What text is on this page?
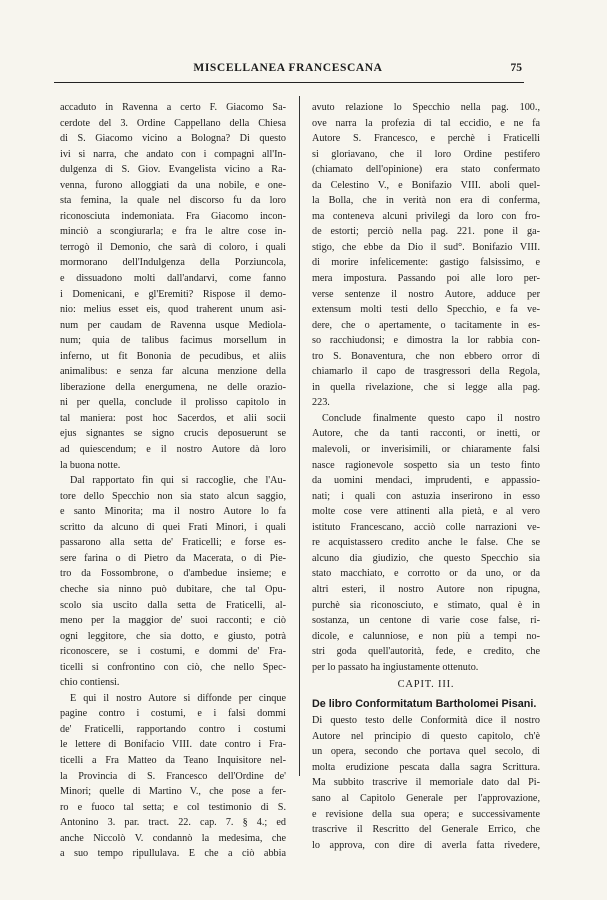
MISCELLANEA FRANCESCANA	75
accaduto in Ravenna a certo F. Giacomo Sa-
cerdote del 3. Ordine Cappellano della Chiesa
di S. Giacomo vicino a Bologna? Di questo
ivi si narra, che andato con i compagni all'In-
dulgenza di S. Giov. Evangelista vicino a Ra-
venna, furono alloggiati da una nobile, e one-
sta femina, la quale nel discorso fu da loro
riconosciuta indemoniata. Fra Giacomo incon-
minciò a scongiurarla; e fra le altre cose in-
terrogò il Demonio, che sarà di coloro, i quali
mormorano dell'Indulgenza della Porziuncola,
e dissuadono molti dall'andarvi, come fanno
i Domenicani, e gl'Eremiti? Rispose il demo-
nio: melius esset eis, quod traherent unum asi-
num per caudam de Ravenna usque Mediola-
num; quia de talibus facimus morsellum in
inferno, ut fit Bononia de pecudibus, et aliis
animalibus: e senza far alcuna menzione della
liberazione della energumena, ne delle orazio-
ni per quella, conclude il prolisso capitolo in
tal maniera: post hoc Sacerdos, et alii socii
ejus signantes se signo crucis deposuerunt se
ad quiescendum; e il nostro Autore dà loro
la buona notte.
Dal rapportato fin qui si raccoglie, che l'Au-
tore dello Specchio non sia stato alcun saggio,
e santo Minorita; ma il nostro Autore lo fa
scritto da alcuno di quei Frati Minori, i quali
passarono alla setta de' Fraticelli; e forse es-
sere farina o di Pietro da Macerata, o di Pie-
tro da Fossombrone, o d'ambedue insieme; e
cheche sia ninno può dubitare, che tal Opu-
scolo sia uscito dalla setta de Fraticelli, al-
meno per la maggior de' suoi racconti; e ciò
ogni leggitore, che sia dotto, e giusto, potrà
riconoscere, se i costumi, e dommi de' Fra-
ticelli si confrontino con ciò, che nello Spec-
chio contiensi.
E qui il nostro Autore si diffonde per cinque
pagine contro i costumi, e i falsi dommi
de' Fraticelli, rapportando contro i costumi
le lettere di Bonifacio VIII. date contro i Fra-
ticelli a Fra Matteo da Teano Inquisitore nel-
la Provincia di S. Francesco dell'Ordine de'
Minori; quelle di Martino V., che pose a fer-
ro e fuoco tal setta; e col testimonio di S.
Antonino 3. par. tract. 22. cap. 7. § 4.; ed
anche Niccolò V. condannò la medesima, che
a suo tempo ripullulava. E che a ciò abbia
avuto relazione lo Specchio nella pag. 100.,
ove narra la profezia di tal eccidio, e ne fa
Autore S. Francesco, e perchè i Fraticelli
si gloriavano, che il loro Ordine pestifero
(chiamato dell'opinione) era stato confermato
da Celestino V., e Bonifazio VIII. aboli quel-
la Bolla, che in verità non era di conferma,
ma conteneva alcuni privilegi da loro con fro-
de estorti; perciò nella pag. 221. pone il ga-
stigo, che ebbe da Dio il sud°. Bonifazio VIII.
di morire infelicemente: gastigo falsissimo, e
mera impostura. Passando poi alle loro per-
verse sentenze il nostro Autore, adduce per
extensum molti testi dello Specchio, e fa ve-
dere, che o apertamente, o tacitamente in es-
so racchiudonsi; e dimostra la lor rabbia con-
tro S. Bonaventura, che non ebbero orror di
chiamarlo il capo de trasgressori della Regola,
in quella rivelazione, che si legge alla pag.
223.
Conclude finalmente questo capo il nostro
Autore, che da tanti racconti, or inetti, or
malevoli, or inverisimili, or chiaramente falsi
nasce ragionevole sospetto sia un testo finto
da uomini mendaci, imprudenti, e appassio-
nati; i quali con astuzia inserirono in esso
molte cose vere attinenti alla pietà, e al vero
istituto Francescano, acciò colle narrazioni ve-
re acquistassero credito anche le false. Che se
alcuno dia giudizio, che questo Specchio sia
stato macchiato, e corrotto or da uno, or da
altri esteri, il nostro Autore non ripugna,
purchè sia riconosciuto, e stimato, qual è in
sostanza, un centone di varie cose false, ri-
dicole, e calunniose, e non più a tempi no-
stri goda quell'autorità, fede, e credito, che
per lo passato ha ingiustamente ottenuto.
CAPIT. III.
De libro Conformitatum Bartholomei Pisani.
Di questo testo delle Conformità dice il nostro
Autore nel principio di questo capitolo, ch'è
un opera, secondo che portava quel secolo, di
molta erudizione pescata dalla sagra Scrittura.
Ma subbito trascrive il memoriale dato dal Pi-
sano al Capitolo Generale per l'approvazione,
e revisione della sua opera; e successivamente
trascrive il Rescritto del Generale Errico, che
lo approva, con dire di averla fatta rivedere,
